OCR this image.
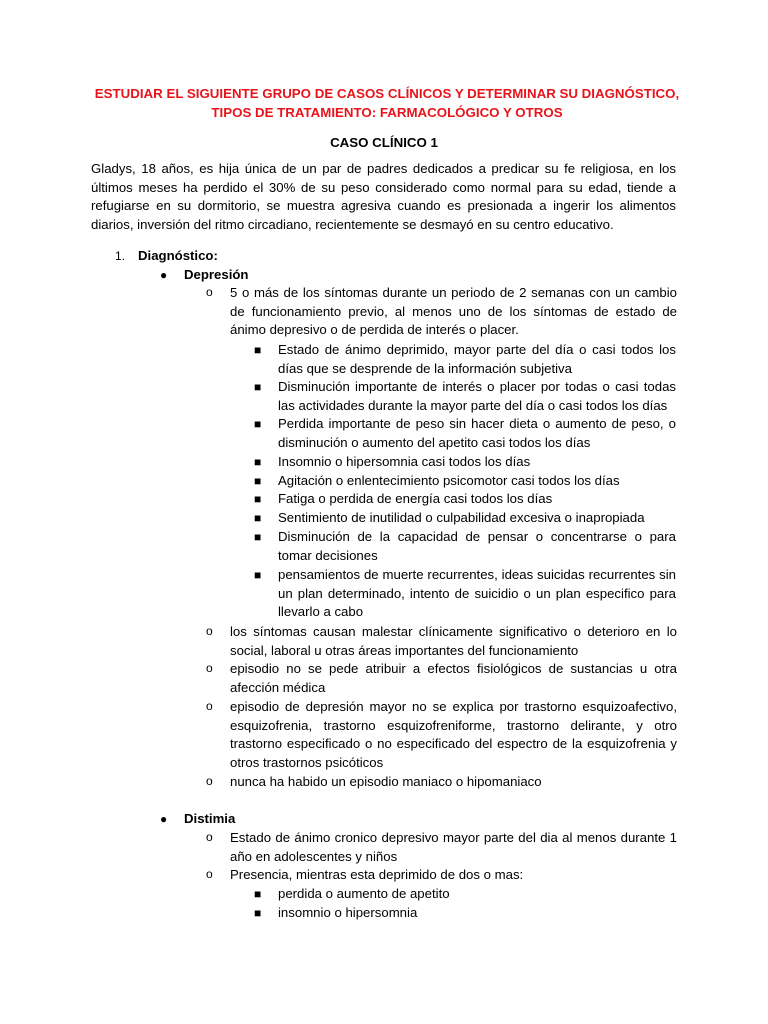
ESTUDIAR EL SIGUIENTE GRUPO DE CASOS CLÍNICOS Y DETERMINAR SU DIAGNÓSTICO, TIPOS DE TRATAMIENTO: FARMACOLÓGICO Y OTROS
CASO CLÍNICO 1
Gladys, 18 años, es hija única de un par de padres dedicados a predicar su fe religiosa, en los últimos meses ha perdido el 30% de su peso considerado como normal para su edad, tiende a refugiarse en su dormitorio, se muestra agresiva cuando es presionada a ingerir los alimentos diarios, inversión del ritmo circadiano, recientemente se desmayó en su centro educativo.
1. Diagnóstico:
● Depresión
o 5 o más de los síntomas durante un periodo de 2 semanas con un cambio de funcionamiento previo, al menos uno de los síntomas de estado de ánimo depresivo o de perdida de interés o placer.
■ Estado de ánimo deprimido, mayor parte del día o casi todos los días que se desprende de la información subjetiva
■ Disminución importante de interés o placer por todas o casi todas las actividades durante la mayor parte del día o casi todos los días
■ Perdida importante de peso sin hacer dieta o aumento de peso, o disminución o aumento del apetito casi todos los días
■ Insomnio o hipersomnia casi todos los días
■ Agitación o enlentecimiento psicomotor casi todos los días
■ Fatiga o perdida de energía casi todos los días
■ Sentimiento de inutilidad o culpabilidad excesiva o inapropiada
■ Disminución de la capacidad de pensar o concentrarse o para tomar decisiones
■ pensamientos de muerte recurrentes, ideas suicidas recurrentes sin un plan determinado, intento de suicidio o un plan especifico para llevarlo a cabo
o los síntomas causan malestar clínicamente significativo o deterioro en lo social, laboral u otras áreas importantes del funcionamiento
o episodio no se pede atribuir a efectos fisiológicos de sustancias u otra afección médica
o episodio de depresión mayor no se explica por trastorno esquizoafectivo, esquizofrenia, trastorno esquizofreniforme, trastorno delirante, y otro trastorno especificado o no especificado del espectro de la esquizofrenia y otros trastornos psicóticos
o nunca ha habido un episodio maniaco o hipomaniaco
● Distimia
o Estado de ánimo cronico depresivo mayor parte del dia al menos durante 1 año en adolescentes y niños
o Presencia, mientras esta deprimido de dos o mas:
■ perdida o aumento de apetito
■ insomnio o hipersomnia
